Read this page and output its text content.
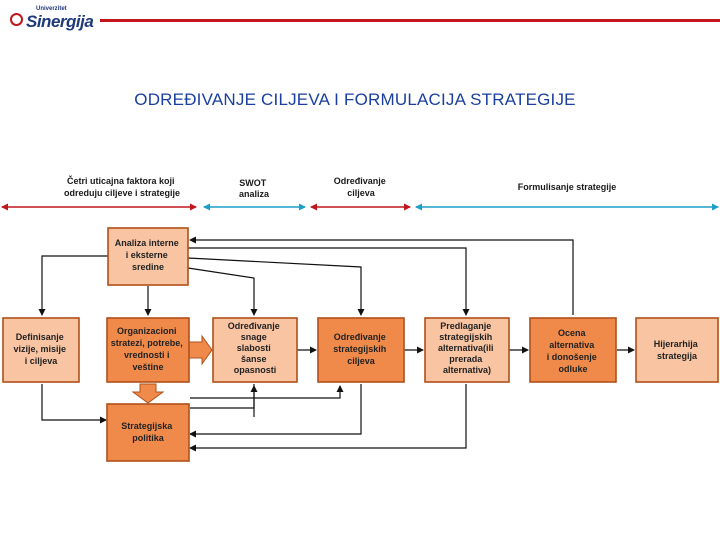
Univerzitet
Sinergija
ODREĐIVANJE CILJEVA I FORMULACIJA STRATEGIJE
Četri uticajna faktora koji odreduju ciljeve i strategije
SWOT analiza
Određivanje ciljeva
Formulisanje strategije
Analiza interne i eksterne sredine
Definisanje vizije, misije i ciljeva
Organizacioni stratezi, potrebe, vrednosti i veštine
Određivanje snage slabosti šanse opasnosti
Određivanje strategijskih ciljeva
Predlaganje strategijskih alternativa(ili prerada alternativa)
Ocena alternativa i donošenje odluke
Hijerarhija strategija
Strategijska politika
